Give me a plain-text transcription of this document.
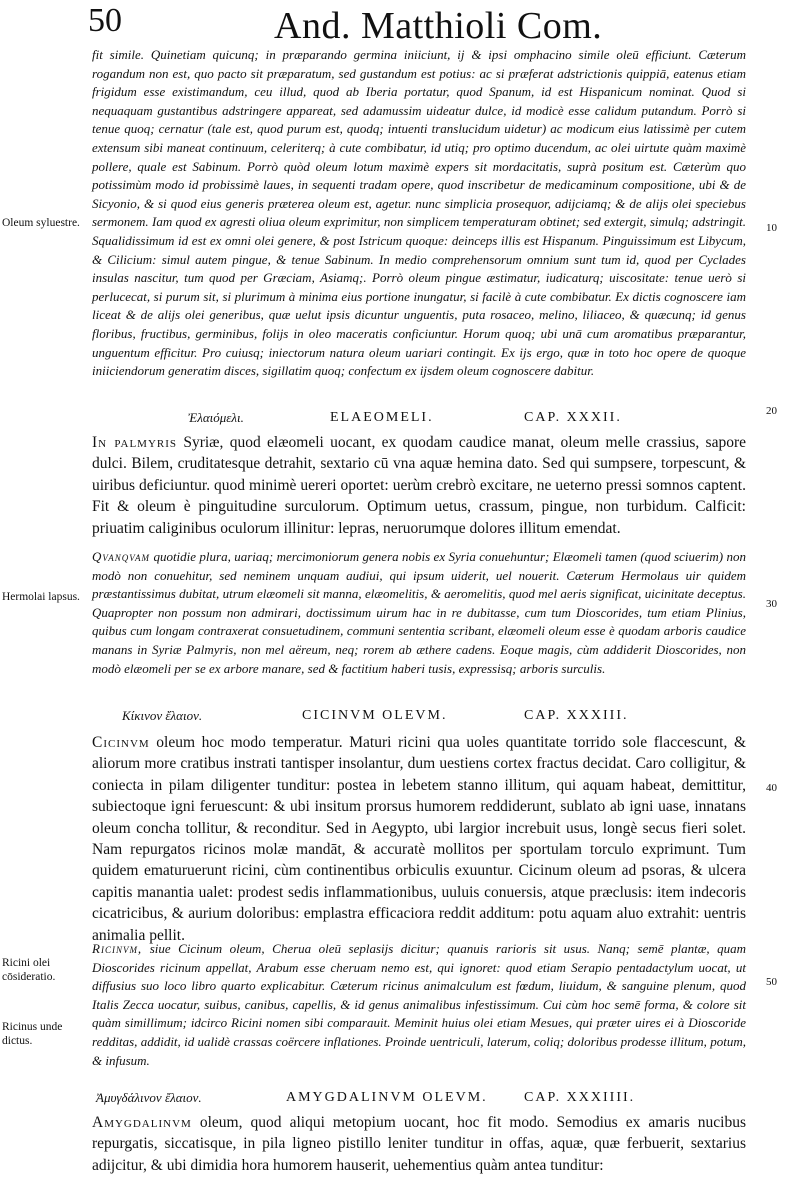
50	And. Matthioli Com.

fit simile. Quinetiam quicunq; in præparando germina iniiciunt, ij & ipsi omphacino simile oleū efficiunt. Cæterum rogandum non est, quo pacto sit præparatum, sed gustandum est potius: ac si præferat adstrictionis quippiā, eatenus etiam frigidum esse existimandum, ceu illud, quod ab Iberia portatur, quod Spanum, id est Hispanicum nominat. Quod si nequaquam gustantibus adstringere appareat, sed adamussim uideatur dulce, id modicè esse calidum putandum. Porrò si tenue quoq; cernatur (tale est, quod purum est, quodq; intuenti translucidum uidetur) ac modicum eius latissimè per cutem extensum sibi maneat continuum, celeriterq; à cute combibatur, id utiq; pro optimo ducendum, ac olei uirtute quàm maximè pollere, quale est Sabinum. Porrò quòd oleum lotum maximè expers sit mordacitatis, suprà positum est. Cæterùm quo potissimùm modo id probissimè laues, in sequenti tradam opere, quod inscribetur de medicaminum compositione, ubi & de Sicyonio, & si quod eius generis præterea oleum est, agetur. nunc simplicia prosequor, adijciamq; & de alijs olei speciebus sermonem. Iam quod ex agresti oliua oleum exprimitur, non simplicem temperaturam obtinet; sed extergit, simulq; adstringit. Squalidissimum id est ex omni olei genere, & post Istricum quoque: deinceps illis est Hispanum. Pinguissimum est Libycum, & Cilicium: simul autem pingue, & tenue Sabinum. In medio comprehensorum omnium sunt tum id, quod per Cyclades insulas nascitur, tum quod per Græciam, Asiamq;. Porrò oleum pingue æstimatur, iudicaturq; uiscositate: tenue uerò si perlucecat, si purum sit, si plurimum à minima eius portione inungatur, si facilè à cute combibatur. Ex dictis cognoscere iam liceat & de alijs olei generibus, quæ uelut ipsis dicuntur unguentis, puta rosaceo, melino, liliaceo, & quæcunq; id genus floribus, fructibus, germinibus, folijs in oleo maceratis conficiuntur. Horum quoq; ubi unā cum aromatibus præparantur, unguentum efficitur. Pro cuiusq; iniectorum natura oleum uariari contingit. Ex ijs ergo, quæ in toto hoc opere de quoque iniiciendorum generatim disces, sigillatim quoq; confectum ex ijsdem oleum cognoscere dabitur.

Ἐλαιόμελι.	ELAEOMELI.	CAP. XXXII.

In palmyris Syriæ, quod elæomeli uocant, ex quodam caudice manat, oleum melle crassius, sapore dulci. Bilem, cruditatesque detrahit, sextario cū vna aquæ hemina dato. Sed qui sumpsere, torpescunt, & uiribus deficiuntur. quod minimè uereri oportet: uerùm crebrò excitare, ne ueterno pressi somnos captent. Fit & oleum è pinguitudine surculorum. Optimum uetus, crassum, pingue, non turbidum. Calficit: priuatim caliginibus oculorum illinitur: lepras, neruorumque dolores illitum emendat.

Qvanqvam quotidie plura, uariaq; mercimoniorum genera nobis ex Syria conuehuntur; Elæomeli tamen (quod sciuerim) non modò non conuehitur, sed neminem unquam audiui, qui ipsum uiderit, uel nouerit. Cæterum Hermolaus uir quidem præstantissimus dubitat, utrum elæomeli sit manna, elæomelitis, & aeromelitis, quod mel aeris significat, uicinitate deceptus. Quapropter non possum non admirari, doctissimum uirum hac in re dubitasse, cum tum Dioscorides, tum etiam Plinius, quibus cum longam contraxerat consuetudinem, communi sententia scribant, elæomeli oleum esse è quodam arboris caudice manans in Syriæ Palmyris, non mel aëreum, neq; rorem ab æthere cadens. Eoque magis, cùm addiderit Dioscorides, non modò elæomeli per se ex arbore manare, sed & factitium haberi tusis, expressisq; arboris surculis.

Κίκινον ἔλαιον.	CICINVM OLEVM.	CAP. XXXIII.

Cicinvm oleum hoc modo temperatur. Maturi ricini qua uoles quantitate torrido sole flaccescunt, & aliorum more cratibus instrati tantisper insolantur, dum uestiens cortex fractus decidat. Caro colligitur, & coniecta in pilam diligenter tunditur: postea in lebetem stanno illitum, qui aquam habeat, demittitur, subiectoque igni feruescunt: & ubi insitum prorsus humorem reddiderunt, sublato ab igni uase, innatans oleum concha tollitur, & reconditur. Sed in Aegypto, ubi largior increbuit usus, longè secus fieri solet. Nam repurgatos ricinos molæ mandāt, & accuratè mollitos per sportulam torculo exprimunt. Tum quidem ematuruerunt ricini, cùm continentibus orbiculis exuuntur. Cicinum oleum ad psoras, & ulcera capitis manantia ualet: prodest sedis inflammationibus, uuluis conuersis, atque præclusis: item indecoris cicatricibus, & aurium doloribus: emplastra efficaciora reddit additum: potu aquam aluo extrahit: uentris animalia pellit.

Ricinvm, siue Cicinum oleum, Cherua oleū seplasijs dicitur; quanuis rarioris sit usus. Nanq; semē plantæ, quam Dioscorides ricinum appellat, Arabum esse cheruam nemo est, qui ignoret: quod etiam Serapio pentadactylum uocat, ut diffusius suo loco libro quarto explicabitur. Cæterum ricinus animalculum est fœdum, liuidum, & sanguine plenum, quod Italis Zecca uocatur, suibus, canibus, capellis, & id genus animalibus infestissimum. Cui cùm hoc semē forma, & colore sit quàm simillimum; idcirco Ricini nomen sibi comparauit. Meminit huius olei etiam Mesues, qui præter uires ei à Dioscoride redditas, addidit, id ualidè crassas coërcere inflationes. Proinde uentriculi, laterum, coliq; doloribus prodesse illitum, potum, & infusum.

Ἀμυγδάλινον ἔλαιον.	AMYGDALINVM OLEVM.	CAP. XXXIIII.

Amygdalinvm oleum, quod aliqui metopium uocant, hoc fit modo. Semodius ex amaris nucibus repurgatis, siccatisque, in pila ligneo pistillo leniter tunditur in offas, aquæ, quæ ferbuerit, sextarius adijcitur, & ubi dimidia hora humorem hauserit, uehementius quàm antea tunditur:

Oleum syluestre.
Hermolai lapsus.
Ricini olei cōsideratio.
Ricinus unde dictus.
10
20
30
40
50
